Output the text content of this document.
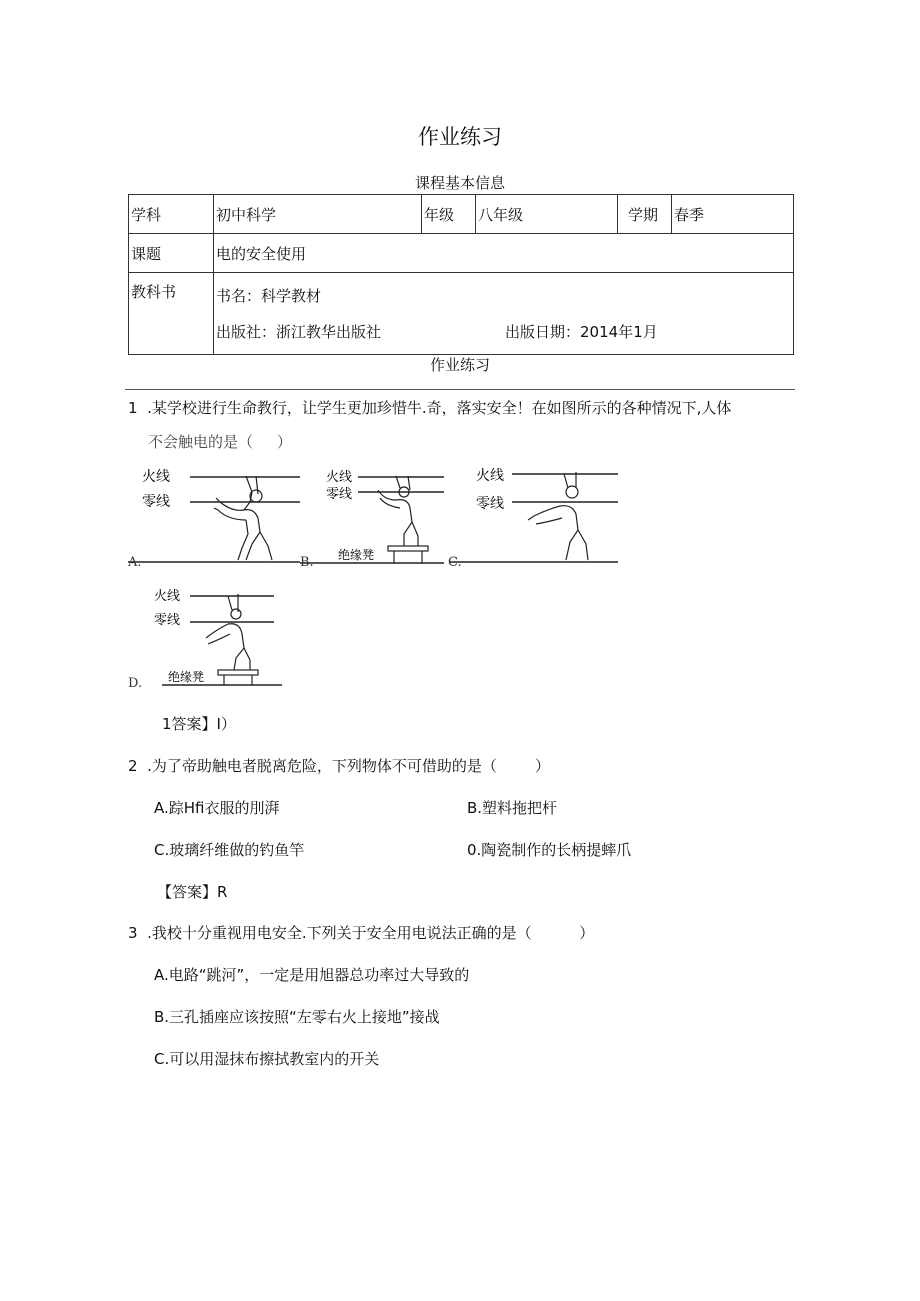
作业练习
课程基本信息
学科	初中科学	年级	八年级	学期	春季
课题	电的安全使用				
教科书	书名：科学教材
出版社：浙江教华出版社 出版日期：2014年1月				
作业练习
1  .某学校进行生命教行，让学生更加珍惜牛.奇，落实安全！在如图所示的各种情况下,人体
不会触电的是（     ）
火线
零线
A.
火线
零线
绝缘凳
B.
火线
零线
C.
火线
零线
绝缘凳
D.
1答案】I）
2  .为了帝助触电者脱离危险，下列物体不可借助的是（        ）
A.踪Hfi衣服的刖湃	B.塑料拖把杆
C.玻璃纤维做的钓鱼竿	0.陶瓷制作的长柄提蟀爪
【答案】R
3  .我校十分重视用电安全.下列关于安全用电说法正确的是（          ）
A.电路“跳河”，一定是用旭器总功率过大导致的
B.三孔插座应该按照“左零右火上接地”接战
C.可以用湿抹布擦拭教室内的开关
